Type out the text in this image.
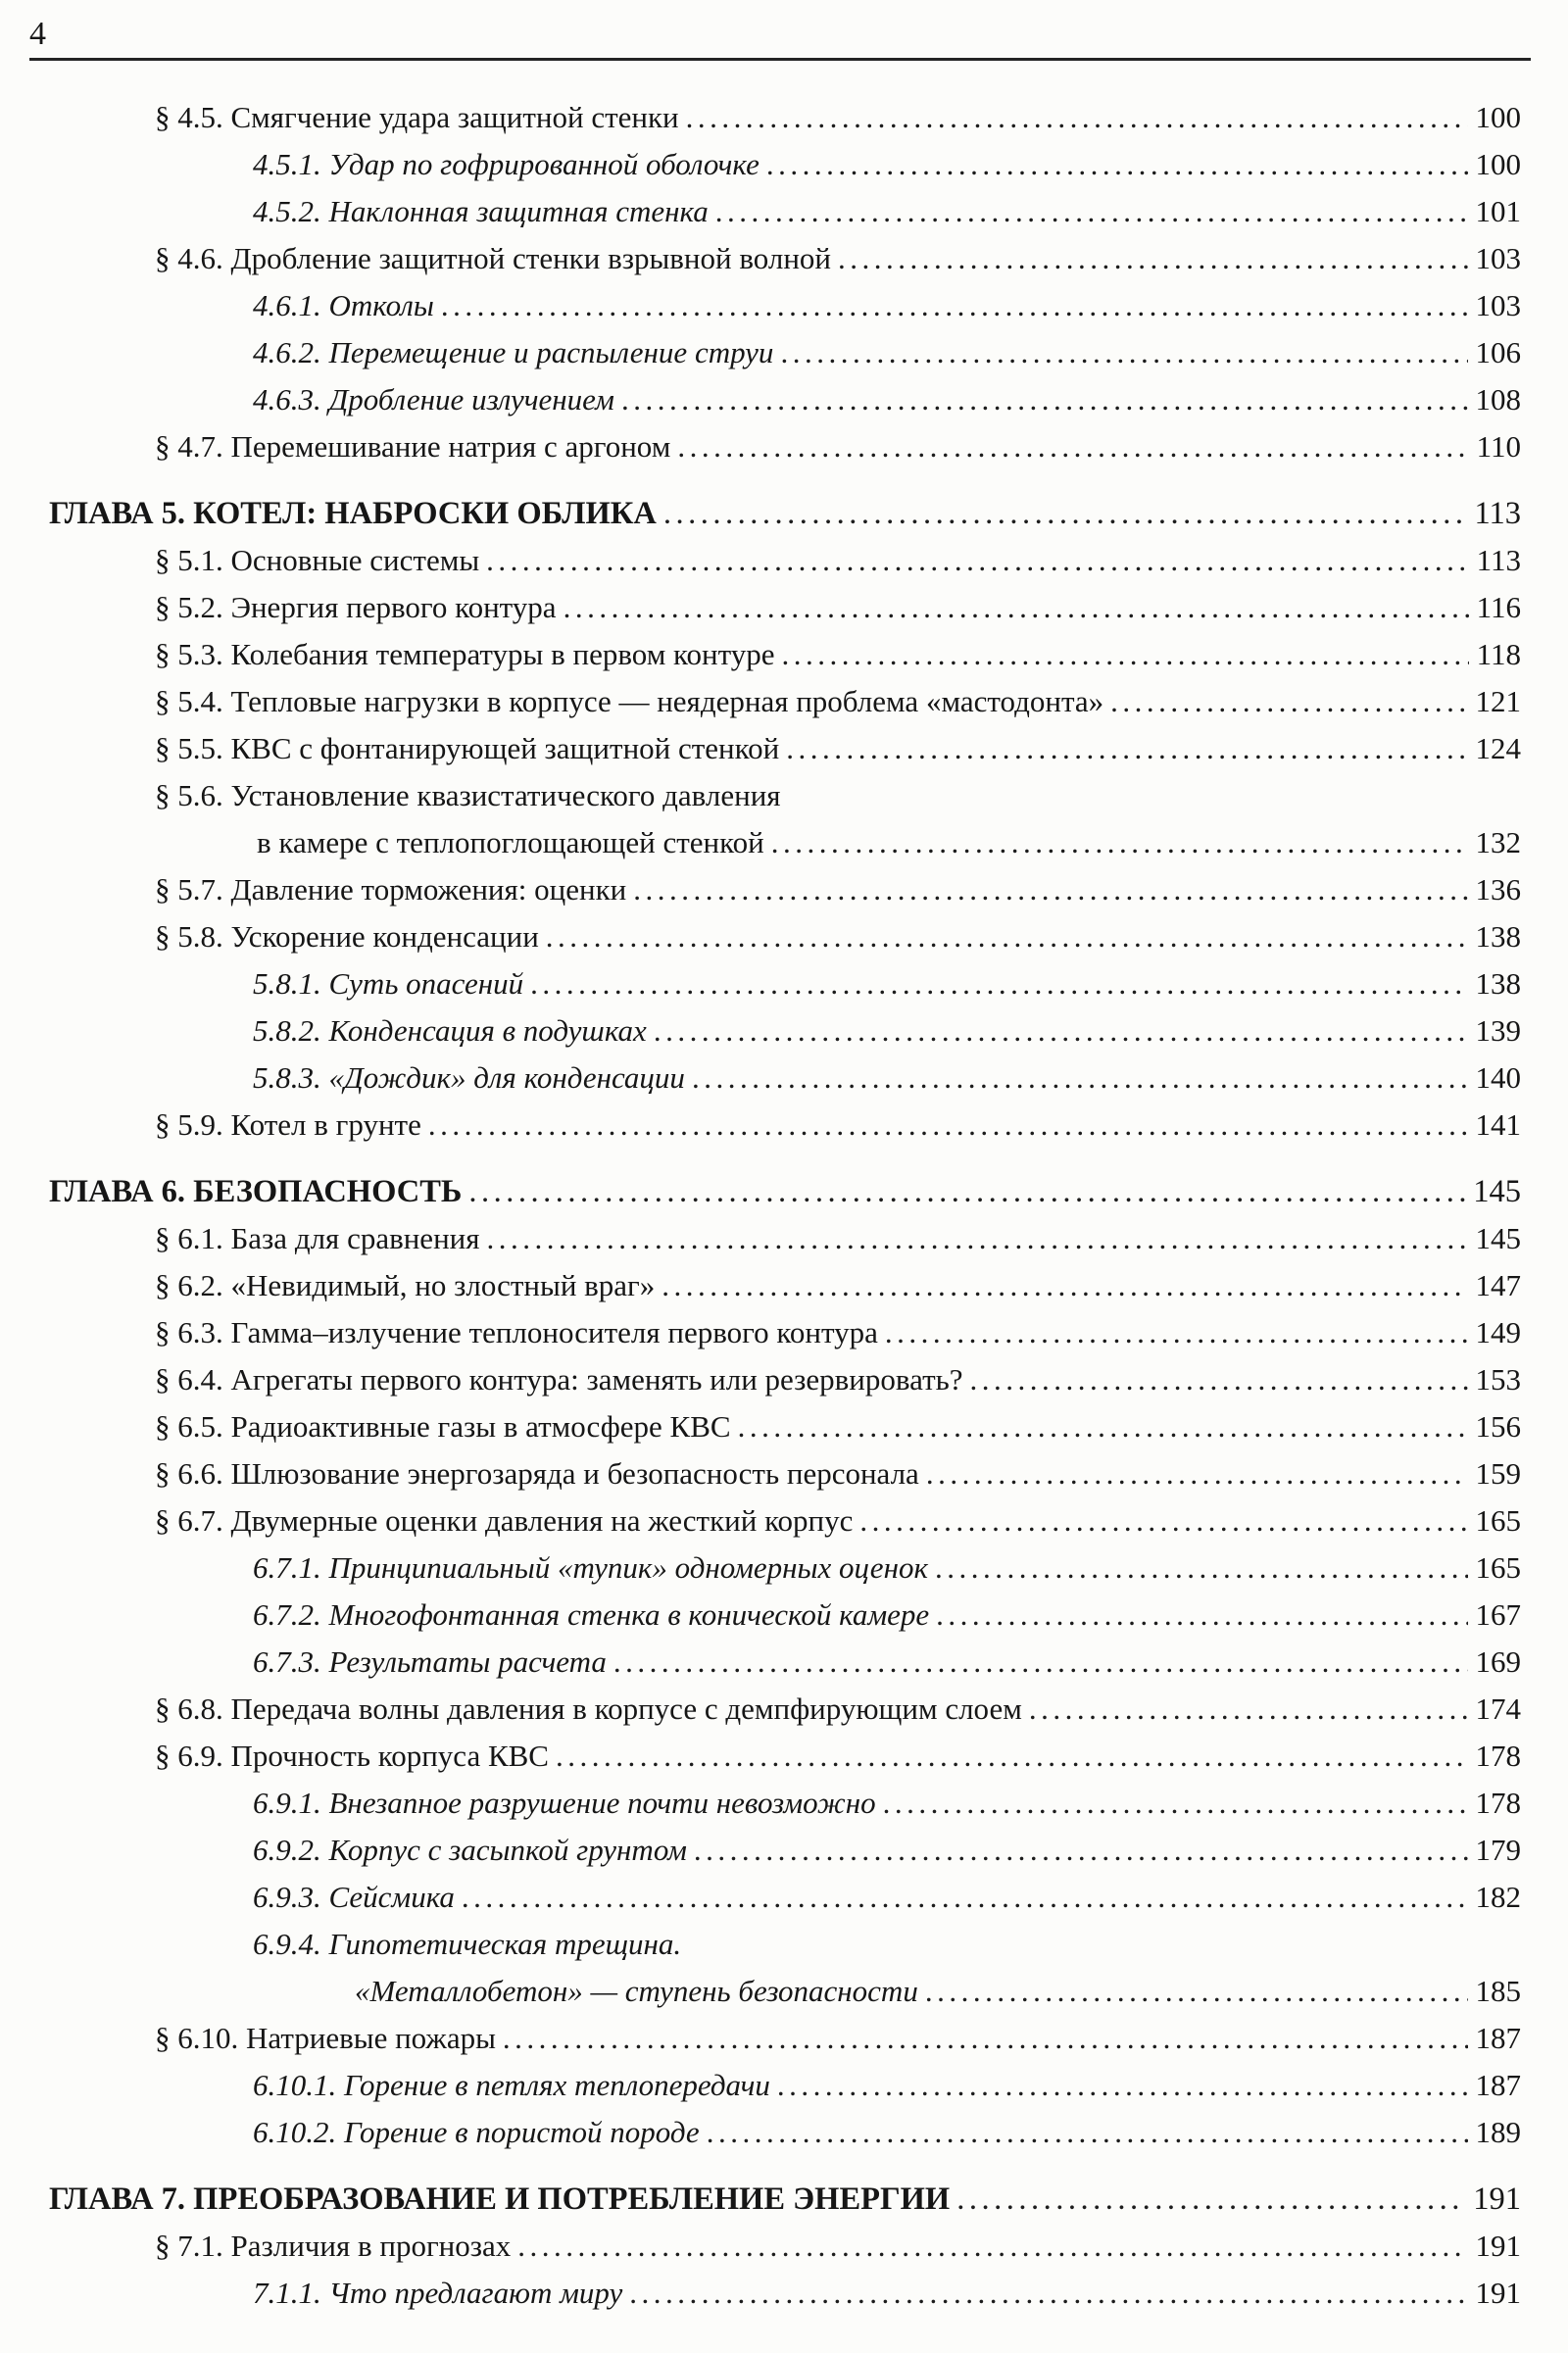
4
§ 4.5. Смягчение удара защитной стенки .....	100
4.5.1. Удар по гофрированной оболочке .....	100
4.5.2. Наклонная защитная стенка .....	101
§ 4.6. Дробление защитной стенки взрывной волной .....	103
4.6.1. Отколы .....	103
4.6.2. Перемещение и распыление струи .....	106
4.6.3. Дробление излучением .....	108
§ 4.7. Перемешивание натрия с аргоном .....	110
ГЛАВА 5. КОТЕЛ: НАБРОСКИ ОБЛИКА .....	113
§ 5.1. Основные системы .....	113
§ 5.2. Энергия первого контура .....	116
§ 5.3. Колебания температуры в первом контуре .....	118
§ 5.4. Тепловые нагрузки в корпусе — неядерная проблема «мастодонта» .....	121
§ 5.5. КВС с фонтанирующей защитной стенкой .....	124
§ 5.6. Установление квазистатического давления
в камере с теплопоглощающей стенкой .....	132
§ 5.7. Давление торможения: оценки .....	136
§ 5.8. Ускорение конденсации .....	138
5.8.1. Суть опасений .....	138
5.8.2. Конденсация в подушках .....	139
5.8.3. «Дождик» для конденсации .....	140
§ 5.9. Котел в грунте .....	141
ГЛАВА 6. БЕЗОПАСНОСТЬ .....	145
§ 6.1. База для сравнения .....	145
§ 6.2. «Невидимый, но злостный враг» .....	147
§ 6.3. Гамма–излучение теплоносителя первого контура .....	149
§ 6.4. Агрегаты первого контура: заменять или резервировать? .....	153
§ 6.5. Радиоактивные газы в атмосфере КВС .....	156
§ 6.6. Шлюзование энергозаряда и безопасность персонала .....	159
§ 6.7. Двумерные оценки давления на жесткий корпус .....	165
6.7.1. Принципиальный «тупик» одномерных оценок .....	165
6.7.2. Многофонтанная стенка в конической камере .....	167
6.7.3. Результаты расчета .....	169
§ 6.8. Передача волны давления в корпусе с демпфирующим слоем .....	174
§ 6.9. Прочность корпуса КВС .....	178
6.9.1. Внезапное разрушение почти невозможно .....	178
6.9.2. Корпус с засыпкой грунтом .....	179
6.9.3. Сейсмика .....	182
6.9.4. Гипотетическая трещина.
«Металлобетон» — ступень безопасности .....	185
§ 6.10. Натриевые пожары .....	187
6.10.1. Горение в петлях теплопередачи .....	187
6.10.2. Горение в пористой породе .....	189
ГЛАВА 7. ПРЕОБРАЗОВАНИЕ И ПОТРЕБЛЕНИЕ ЭНЕРГИИ .....	191
§ 7.1. Различия в прогнозах .....	191
7.1.1. Что предлагают миру .....	191
